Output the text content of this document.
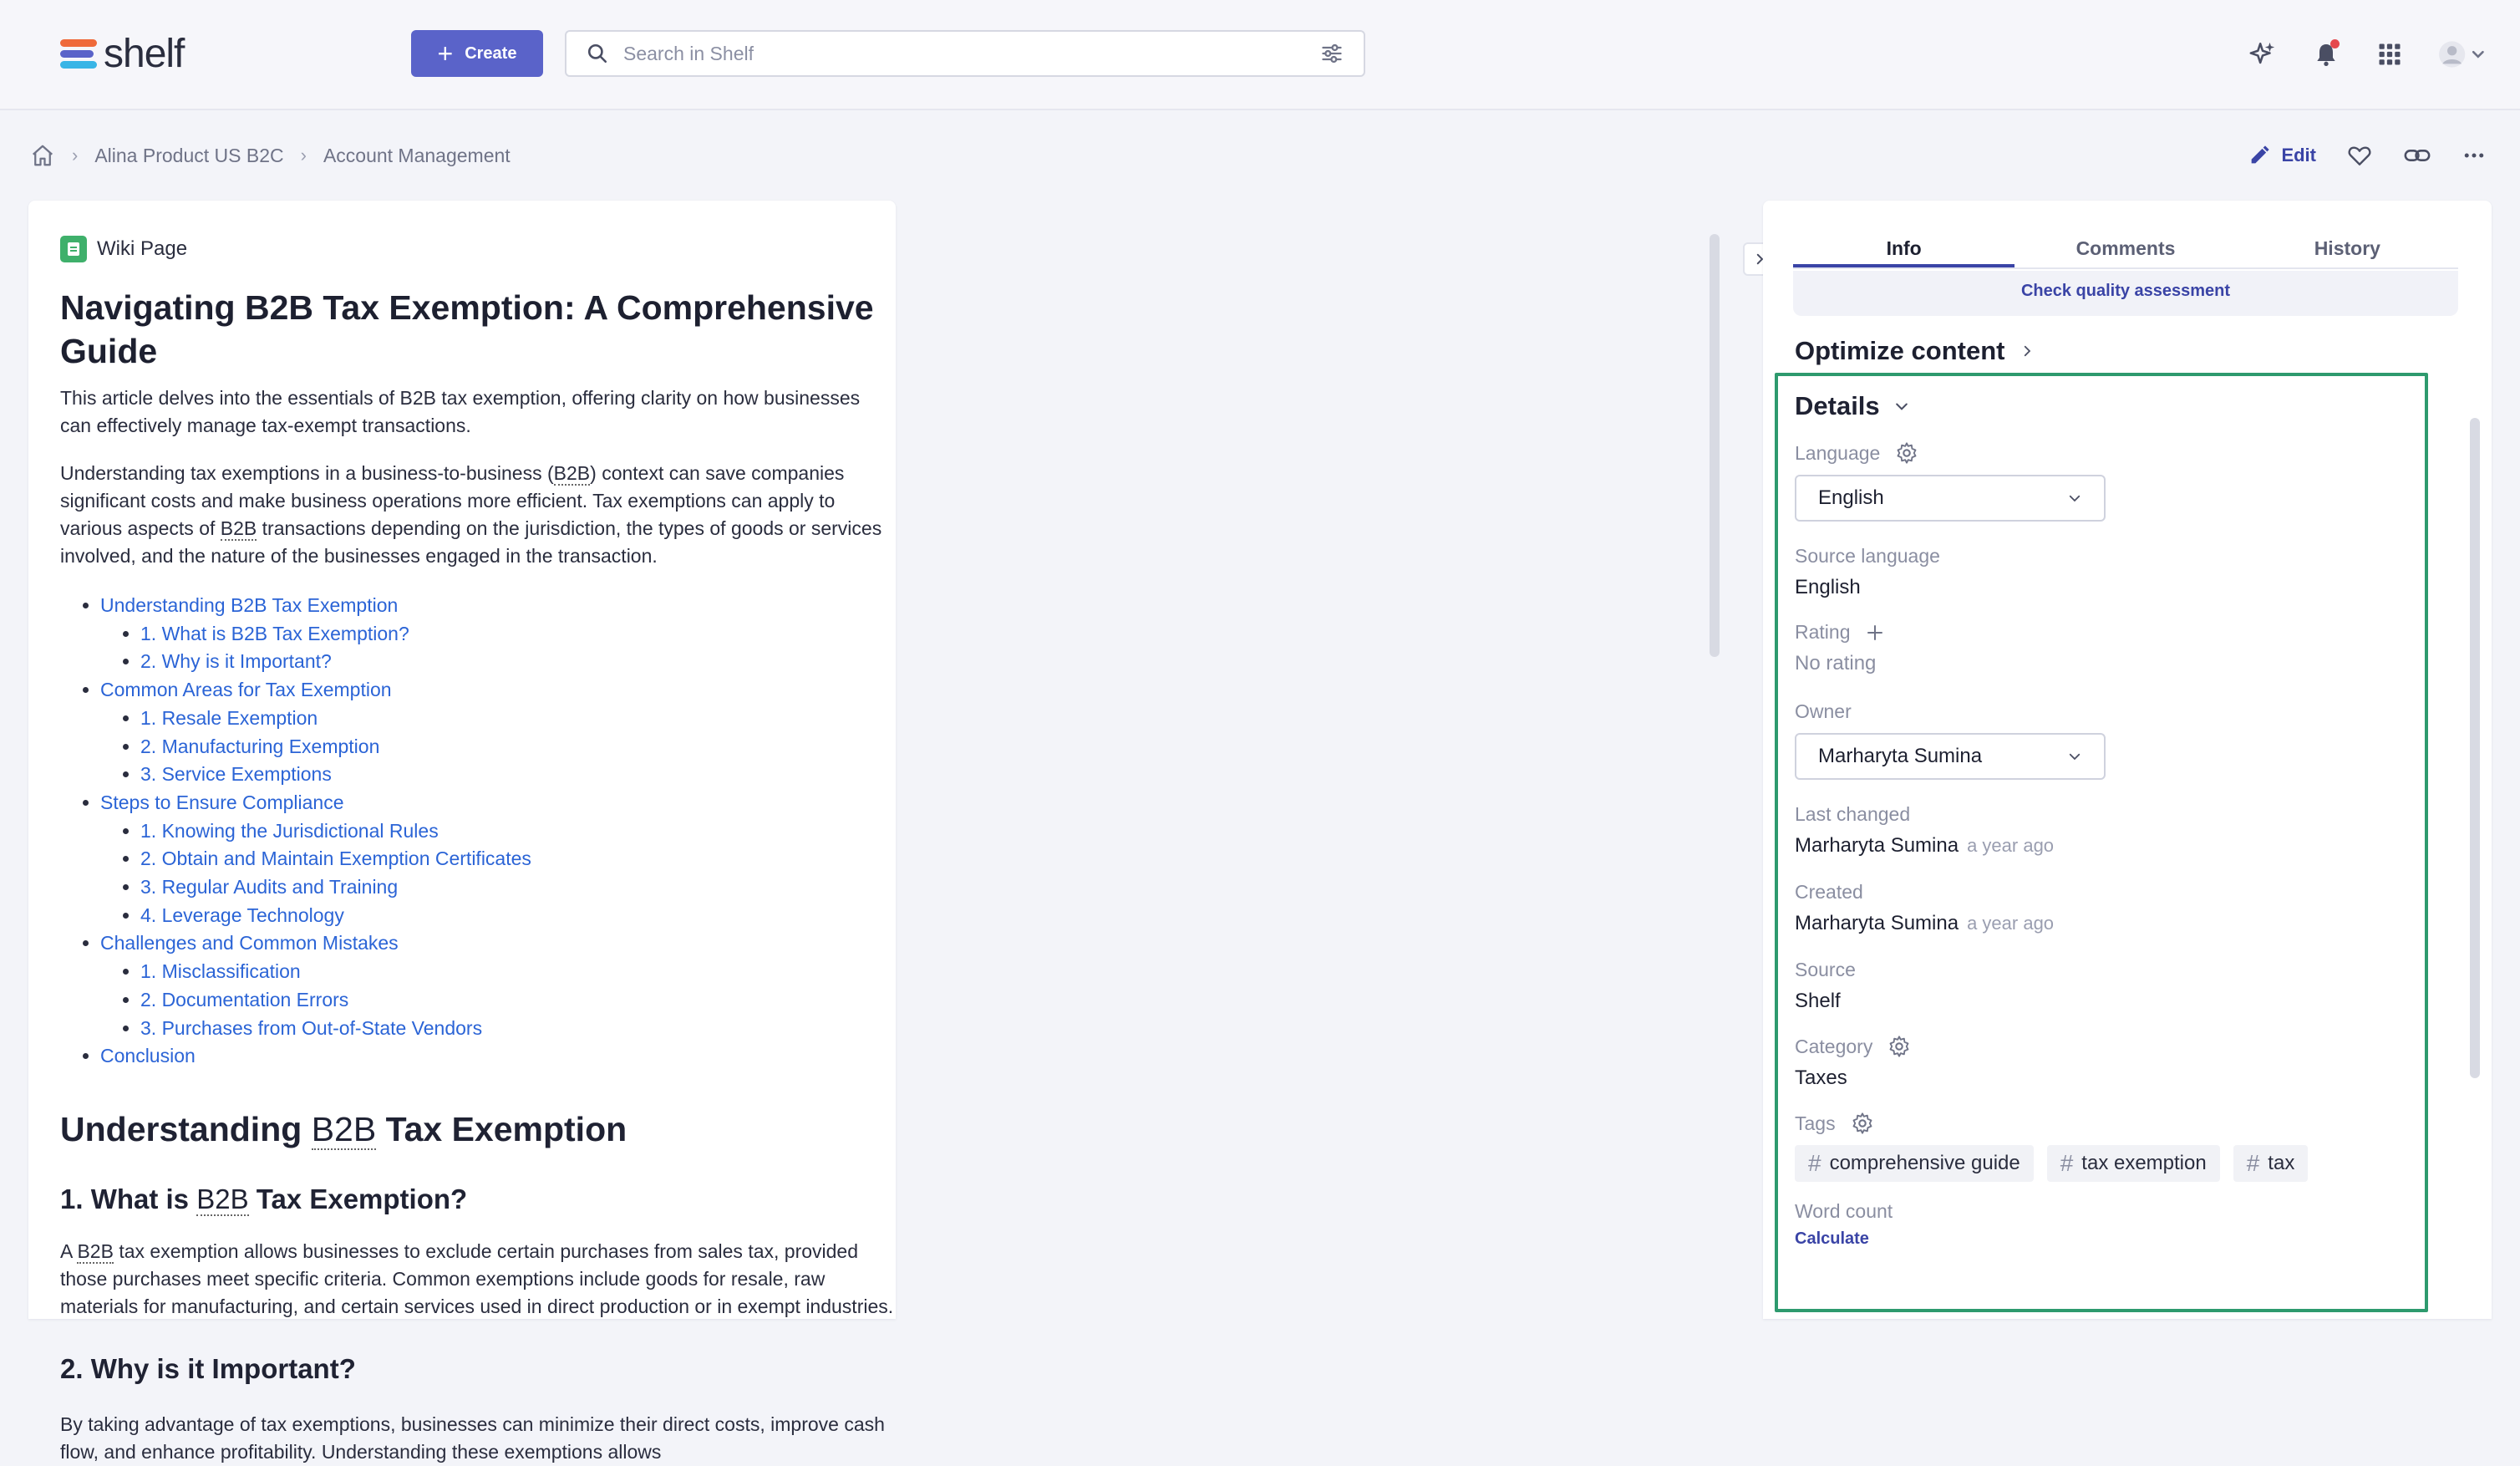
shelf	+ Create	Search in Shelf
› Alina Product US B2C › Account Management	Edit
Wiki Page
Navigating B2B Tax Exemption: A Comprehensive Guide

This article delves into the essentials of B2B tax exemption, offering clarity on how businesses can effectively manage tax-exempt transactions.

Understanding tax exemptions in a business-to-business (B2B) context can save companies significant costs and make business operations more efficient. Tax exemptions can apply to various aspects of B2B transactions depending on the jurisdiction, the types of goods or services involved, and the nature of the businesses engaged in the transaction.

• Understanding B2B Tax Exemption
• 1. What is B2B Tax Exemption?
• 2. Why is it Important?
• Common Areas for Tax Exemption
• 1. Resale Exemption
• 2. Manufacturing Exemption
• 3. Service Exemptions
• Steps to Ensure Compliance
• 1. Knowing the Jurisdictional Rules
• 2. Obtain and Maintain Exemption Certificates
• 3. Regular Audits and Training
• 4. Leverage Technology
• Challenges and Common Mistakes
• 1. Misclassification
• 2. Documentation Errors
• 3. Purchases from Out-of-State Vendors
• Conclusion
Understanding B2B Tax Exemption
1. What is B2B Tax Exemption?

A B2B tax exemption allows businesses to exclude certain purchases from sales tax, provided those purchases meet specific criteria. Common exemptions include goods for resale, raw materials for manufacturing, and certain services used in direct production or in exempt industries.

2. Why is it Important?

By taking advantage of tax exemptions, businesses can minimize their direct costs, improve cash flow, and enhance profitability. Understanding these exemptions allows

Info	Comments	History
Check quality assessment
Optimize content
Details
Language
English
Source language
English
Rating
No rating
Owner
Marharyta Sumina
Last changed
Marharyta Sumina a year ago
Created
Marharyta Sumina a year ago
Source
Shelf
Category
Taxes
Tags
# comprehensive guide # tax exemption # tax
Word count
Calculate
